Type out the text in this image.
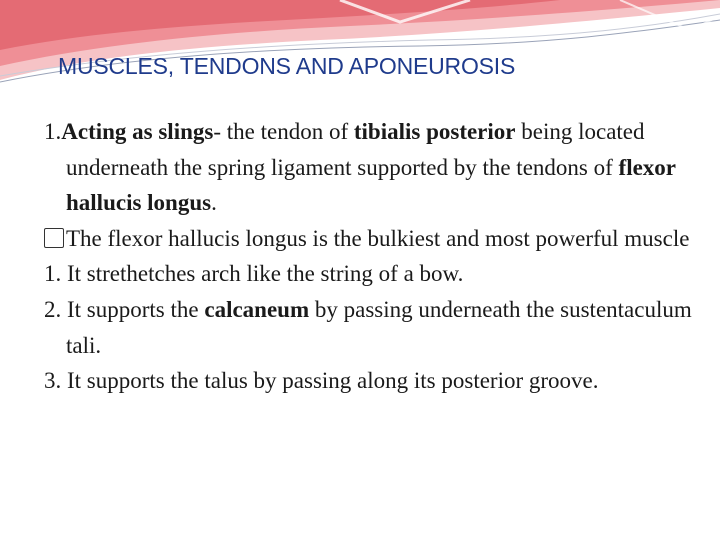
MUSCLES, TENDONS AND APONEUROSIS

1.Acting as slings- the tendon of tibialis posterior being located underneath the spring ligament supported by the tendons of flexor hallucis longus.

The flexor hallucis longus is the bulkiest and most powerful muscle

1. It strethetches arch like the string of a bow.

2. It supports the calcaneum by passing underneath the sustentaculum tali.

3. It supports the talus by passing along its posterior groove.
